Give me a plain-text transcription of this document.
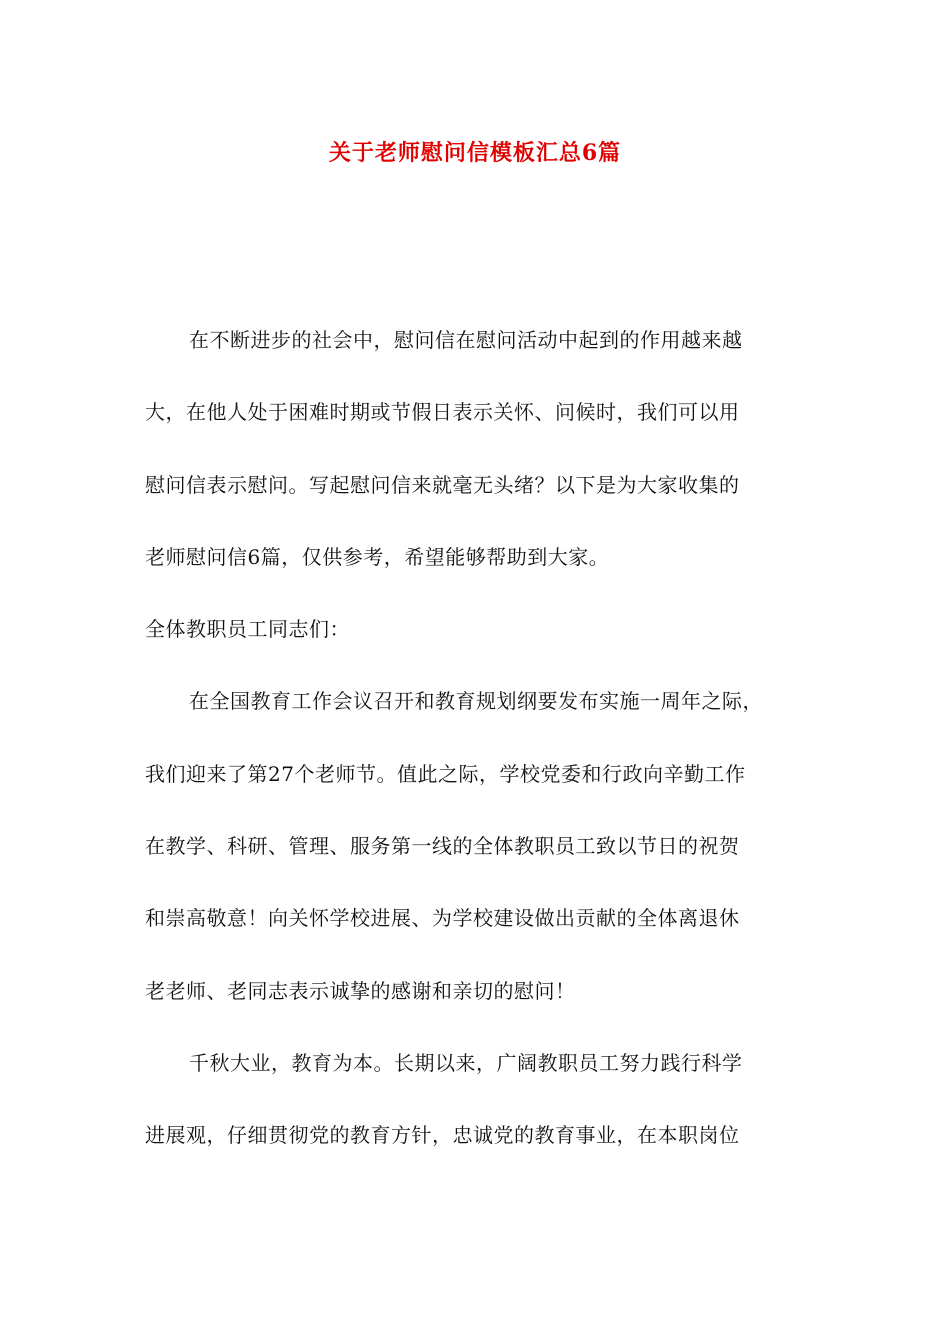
关于老师慰问信模板汇总6篇
在不断进步的社会中，慰问信在慰问活动中起到的作用越来越
大，在他人处于困难时期或节假日表示关怀、问候时，我们可以用
慰问信表示慰问。写起慰问信来就毫无头绪？以下是为大家收集的
老师慰问信6篇，仅供参考，希望能够帮助到大家。
全体教职员工同志们：
在全国教育工作会议召开和教育规划纲要发布实施一周年之际，
我们迎来了第27个老师节。值此之际，学校党委和行政向辛勤工作
在教学、科研、管理、服务第一线的全体教职员工致以节日的祝贺
和崇高敬意！向关怀学校进展、为学校建设做出贡献的全体离退休
老老师、老同志表示诚挚的感谢和亲切的慰问！
千秋大业，教育为本。长期以来，广阔教职员工努力践行科学
进展观，仔细贯彻党的教育方针，忠诚党的教育事业，在本职岗位
